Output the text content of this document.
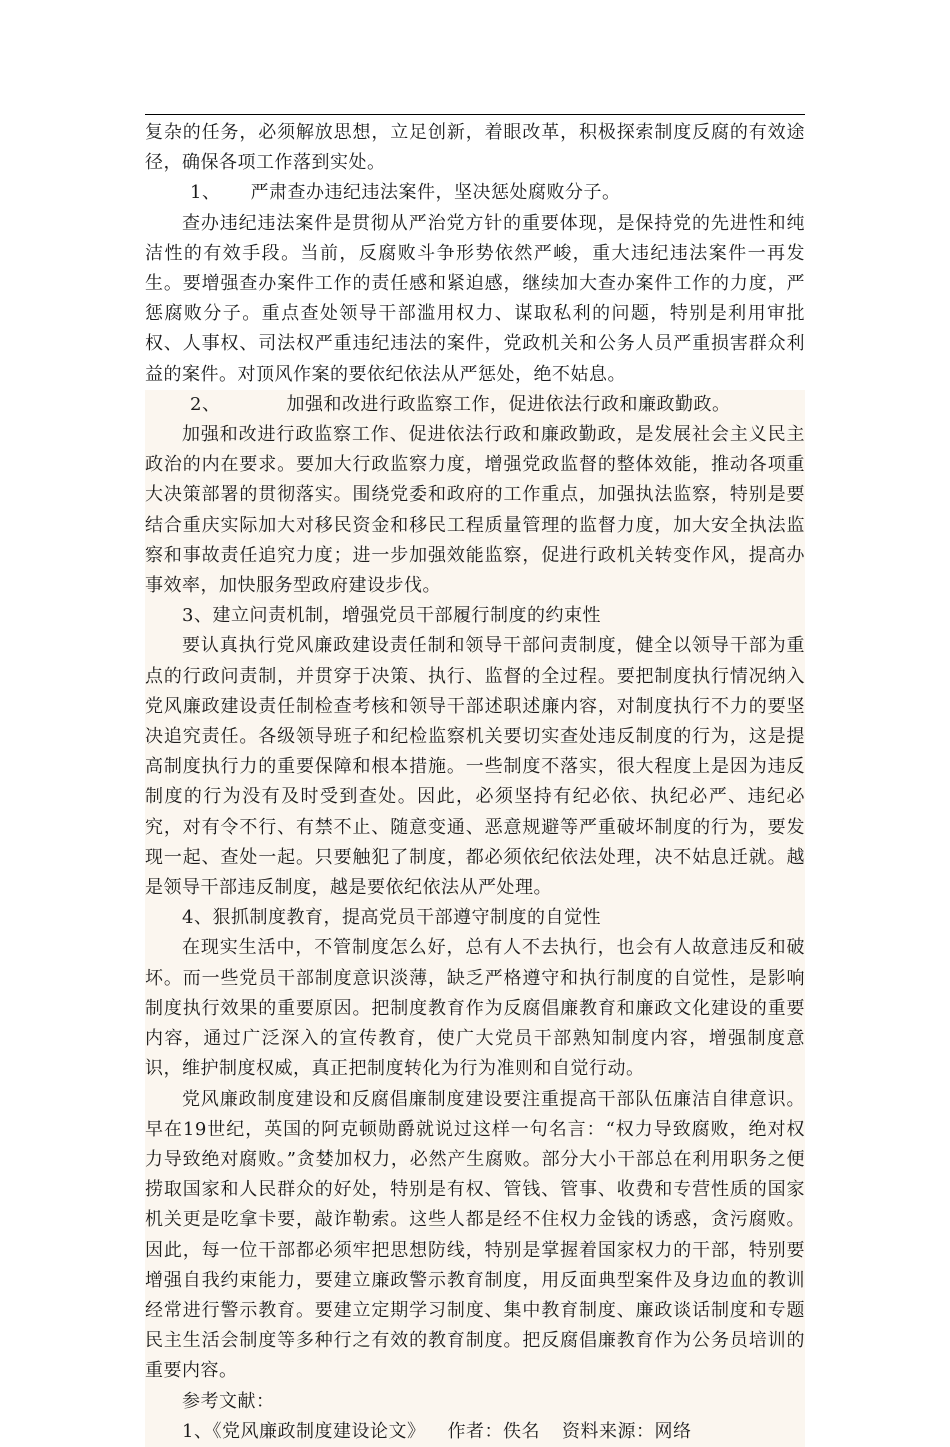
复杂的任务，必须解放思想，立足创新，着眼改革，积极探索制度反腐的有效途径，确保各项工作落到实处。

1、 严肃查办违纪违法案件，坚决惩处腐败分子。

查办违纪违法案件是贯彻从严治党方针的重要体现，是保持党的先进性和纯洁性的有效手段。当前，反腐败斗争形势依然严峻，重大违纪违法案件一再发生。要增强查办案件工作的责任感和紧迫感，继续加大查办案件工作的力度，严惩腐败分子。重点查处领导干部滥用权力、谋取私利的问题，特别是利用审批权、人事权、司法权严重违纪违法的案件，党政机关和公务人员严重损害群众利益的案件。对顶风作案的要依纪依法从严惩处，绝不姑息。

2、	加强和改进行政监察工作，促进依法行政和廉政勤政。

加强和改进行政监察工作、促进依法行政和廉政勤政，是发展社会主义民主政治的内在要求。要加大行政监察力度，增强党政监督的整体效能，推动各项重大决策部署的贯彻落实。围绕党委和政府的工作重点，加强执法监察，特别是要结合重庆实际加大对移民资金和移民工程质量管理的监督力度，加大安全执法监察和事故责任追究力度；进一步加强效能监察，促进行政机关转变作风，提高办事效率，加快服务型政府建设步伐。

3、建立问责机制，增强党员干部履行制度的约束性

要认真执行党风廉政建设责任制和领导干部问责制度，健全以领导干部为重点的行政问责制，并贯穿于决策、执行、监督的全过程。要把制度执行情况纳入党风廉政建设责任制检查考核和领导干部述职述廉内容，对制度执行不力的要坚决追究责任。各级领导班子和纪检监察机关要切实查处违反制度的行为，这是提高制度执行力的重要保障和根本措施。一些制度不落实，很大程度上是因为违反制度的行为没有及时受到查处。因此，必须坚持有纪必依、执纪必严、违纪必究，对有令不行、有禁不止、随意变通、恶意规避等严重破坏制度的行为，要发现一起、查处一起。只要触犯了制度，都必须依纪依法处理，决不姑息迁就。越是领导干部违反制度，越是要依纪依法从严处理。

4、狠抓制度教育，提高党员干部遵守制度的自觉性

在现实生活中，不管制度怎么好，总有人不去执行，也会有人故意违反和破坏。而一些党员干部制度意识淡薄，缺乏严格遵守和执行制度的自觉性，是影响制度执行效果的重要原因。把制度教育作为反腐倡廉教育和廉政文化建设的重要内容，通过广泛深入的宣传教育，使广大党员干部熟知制度内容，增强制度意识，维护制度权威，真正把制度转化为行为准则和自觉行动。

党风廉政制度建设和反腐倡廉制度建设要注重提高干部队伍廉洁自律意识。早在19世纪，英国的阿克顿勋爵就说过这样一句名言：“权力导致腐败，绝对权力导致绝对腐败。”贪婪加权力，必然产生腐败。部分大小干部总在利用职务之便捞取国家和人民群众的好处，特别是有权、管钱、管事、收费和专营性质的国家机关更是吃拿卡要，敲诈勒索。这些人都是经不住权力金钱的诱惑，贪污腐败。因此，每一位干部都必须牢把思想防线，特别是掌握着国家权力的干部，特别要增强自我约束能力，要建立廉政警示教育制度，用反面典型案件及身边血的教训经常进行警示教育。要建立定期学习制度、集中教育制度、廉政谈话制度和专题民主生活会制度等多种行之有效的教育制度。把反腐倡廉教育作为公务员培训的重要内容。

参考文献：

1、《党风廉政制度建设论文》 作者：佚名 资料来源：网络
